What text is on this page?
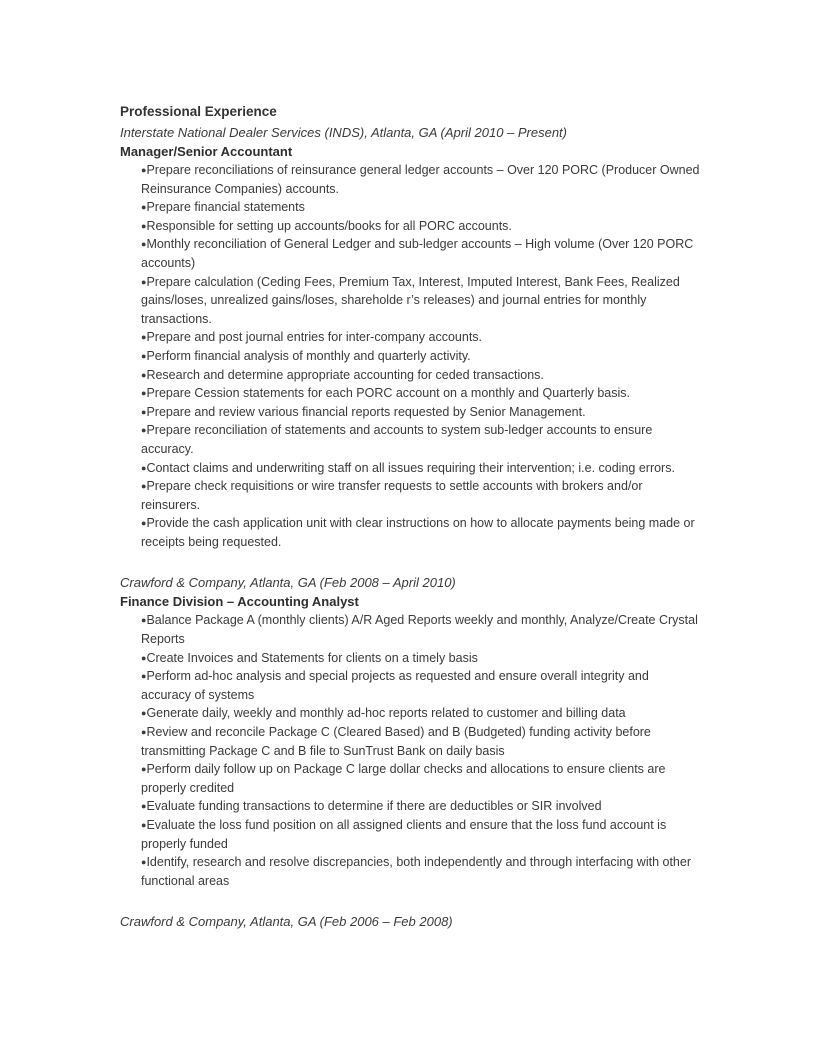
Professional Experience
Interstate National Dealer Services (INDS), Atlanta, GA (April 2010 – Present)
Manager/Senior Accountant
●Prepare reconciliations of reinsurance general ledger accounts – Over 120 PORC (Producer Owned Reinsurance Companies) accounts.
●Prepare financial statements
●Responsible for setting up accounts/books for all PORC accounts.
●Monthly reconciliation of General Ledger and sub-ledger accounts – High volume (Over 120 PORC accounts)
●Prepare calculation (Ceding Fees, Premium Tax, Interest, Imputed Interest, Bank Fees, Realized gains/loses, unrealized gains/loses, shareholde r’s releases) and journal entries for monthly transactions.
●Prepare and post journal entries for inter-company accounts.
●Perform financial analysis of monthly and quarterly activity.
●Research and determine appropriate accounting for ceded transactions.
●Prepare Cession statements for each PORC account on a monthly and Quarterly basis.
●Prepare and review various financial reports requested by Senior Management.
●Prepare reconciliation of statements and accounts to system sub-ledger accounts to ensure accuracy.
●Contact claims and underwriting staff on all issues requiring their intervention; i.e. coding errors.
●Prepare check requisitions or wire transfer requests to settle accounts with brokers and/or reinsurers.
●Provide the cash application unit with clear instructions on how to allocate payments being made or receipts being requested.
Crawford & Company, Atlanta, GA (Feb 2008 – April 2010)
Finance Division – Accounting Analyst
●Balance Package A (monthly clients) A/R Aged Reports weekly and monthly, Analyze/Create Crystal Reports
●Create Invoices and Statements for clients on a timely basis
●Perform ad-hoc analysis and special projects as requested and ensure overall integrity and accuracy of systems
●Generate daily, weekly and monthly ad-hoc reports related to customer and billing data
●Review and reconcile Package C (Cleared Based) and B (Budgeted) funding activity before transmitting Package C and B file to SunTrust Bank on daily basis
●Perform daily follow up on Package C large dollar checks and allocations to ensure clients are properly credited
●Evaluate funding transactions to determine if there are deductibles or SIR involved
●Evaluate the loss fund position on all assigned clients and ensure that the loss fund account is properly funded
●Identify, research and resolve discrepancies, both independently and through interfacing with other functional areas
Crawford & Company, Atlanta, GA (Feb 2006 – Feb 2008)
